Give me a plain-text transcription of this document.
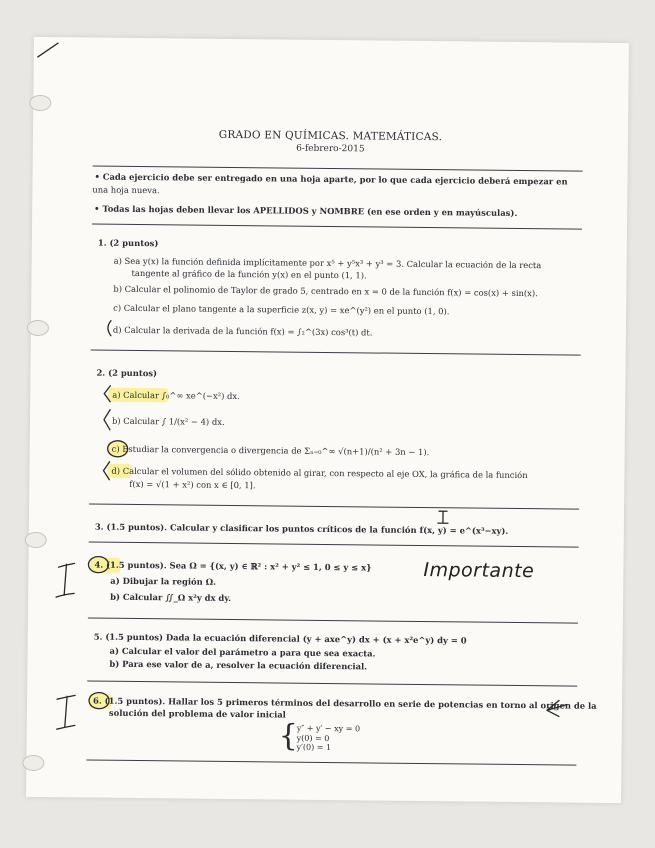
GRADO EN QUÍMICAS. MATEMÁTICAS.
6-febrero-2015
• Cada ejercicio debe ser entregado en una hoja aparte, por lo que cada ejercicio deberá empezar en
una hoja nueva.
• Todas las hojas deben llevar los APELLIDOS y NOMBRE (en ese orden y en mayúsculas).
1. (2 puntos)
a) Sea y(x) la función definida implícitamente por x⁵ + y⁵x³ + y³ = 3. Calcular la ecuación de la recta
tangente al gráfico de la función y(x) en el punto (1, 1).
b) Calcular el polinomio de Taylor de grado 5, centrado en x = 0 de la función f(x) = cos(x) + sin(x).
c) Calcular el plano tangente a la superficie z(x, y) = xe^(y²) en el punto (1, 0).
d) Calcular la derivada de la función f(x) = ∫₂^(3x) cos³(t) dt.
2. (2 puntos)
a) Calcular ∫₀^∞ xe^(−x²) dx.
b) Calcular ∫ 1/(x² − 4) dx.
c) Estudiar la convergencia o divergencia de Σₙ₌₀^∞ √(n+1)/(n² + 3n − 1).
d) Calcular el volumen del sólido obtenido al girar, con respecto al eje OX, la gráfica de la función
f(x) = √(1 + x²) con x ∈ [0, 1].
3. (1.5 puntos). Calcular y clasificar los puntos críticos de la función f(x, y) = e^(x³−xy).
4. (1.5 puntos). Sea Ω = {(x, y) ∈ ℝ² : x² + y² ≤ 1, 0 ≤ y ≤ x}
a) Dibujar la región Ω.
b) Calcular ∬_Ω x²y dx dy.
Importante
5. (1.5 puntos) Dada la ecuación diferencial (y + axe^y) dx + (x + x²e^y) dy = 0
a) Calcular el valor del parámetro a para que sea exacta.
b) Para ese valor de a, resolver la ecuación diferencial.
6. (1.5 puntos). Hallar los 5 primeros términos del desarrollo en serie de potencias en torno al origen de la
solución del problema de valor inicial
{
y″ + y′ − xy = 0
y(0) = 0
y′(0) = 1
